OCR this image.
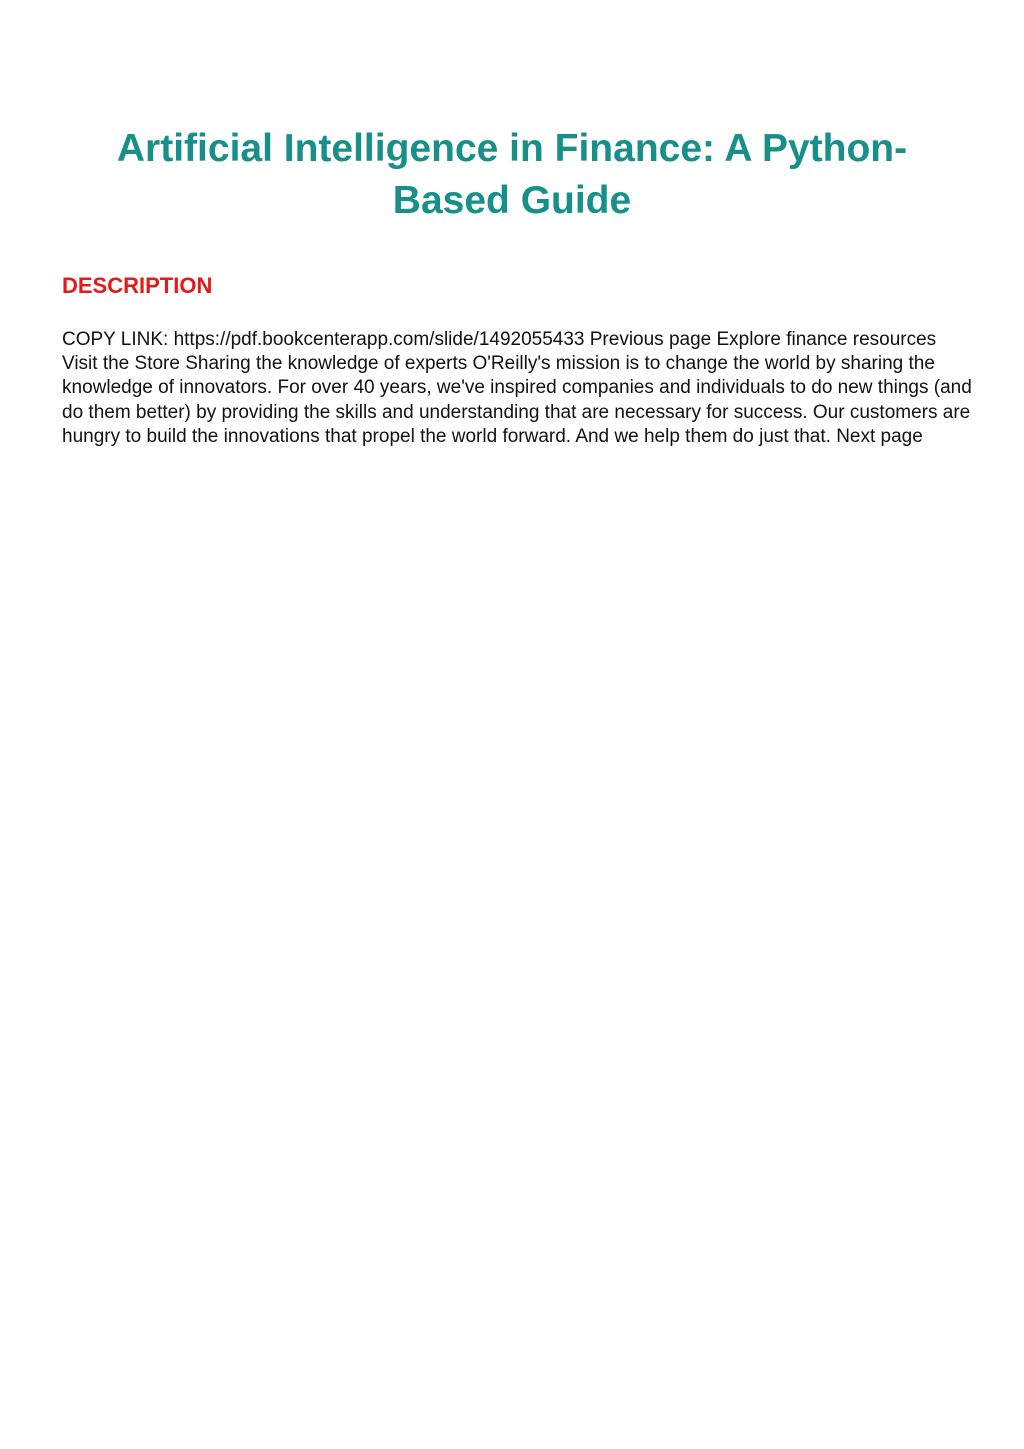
Artificial Intelligence in Finance: A Python-Based Guide
DESCRIPTION

COPY LINK: https://pdf.bookcenterapp.com/slide/1492055433 Previous page Explore finance resources Visit the Store Sharing the knowledge of experts O'Reilly's mission is to change the world by sharing the knowledge of innovators. For over 40 years, we've inspired companies and individuals to do new things (and do them better) by providing the skills and understanding that are necessary for success. Our customers are hungry to build the innovations that propel the world forward. And we help them do just that. Next page
